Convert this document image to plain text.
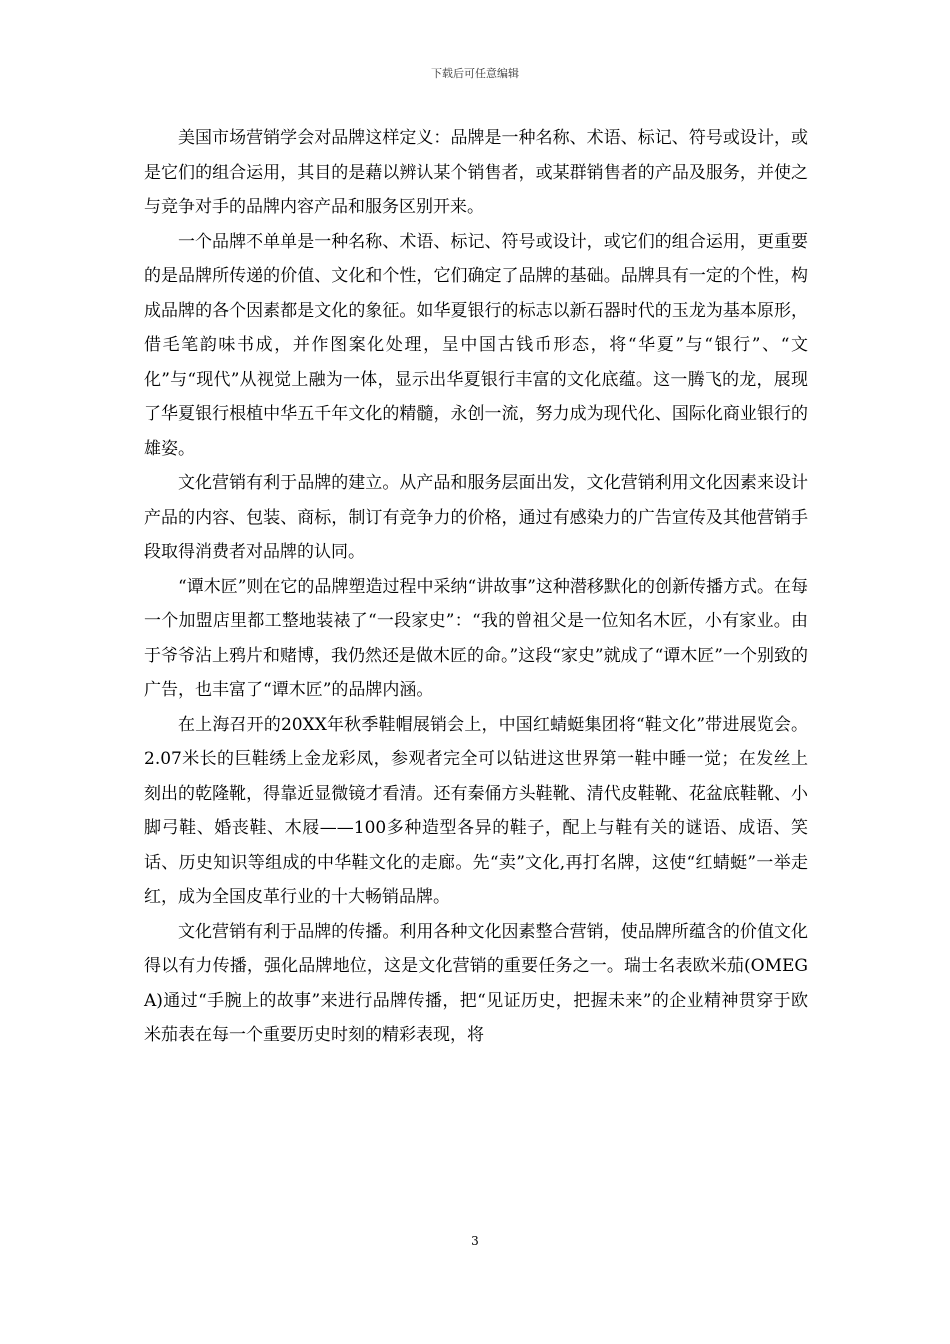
下载后可任意编辑

美国市场营销学会对品牌这样定义：品牌是一种名称、术语、标记、符号或设计，或是它们的组合运用，其目的是藉以辨认某个销售者，或某群销售者的产品及服务，并使之与竞争对手的品牌内容产品和服务区别开来。

一个品牌不单单是一种名称、术语、标记、符号或设计，或它们的组合运用，更重要的是品牌所传递的价值、文化和个性，它们确定了品牌的基础。品牌具有一定的个性，构成品牌的各个因素都是文化的象征。如华夏银行的标志以新石器时代的玉龙为基本原形，借毛笔韵味书成，并作图案化处理，呈中国古钱币形态，将“华夏”与“银行”、“文化”与“现代”从视觉上融为一体，显示出华夏银行丰富的文化底蕴。这一腾飞的龙，展现了华夏银行根植中华五千年文化的精髓，永创一流，努力成为现代化、国际化商业银行的雄姿。

文化营销有利于品牌的建立。从产品和服务层面出发，文化营销利用文化因素来设计产品的内容、包装、商标，制订有竞争力的价格，通过有感染力的广告宣传及其他营销手段取得消费者对品牌的认同。

“谭木匠”则在它的品牌塑造过程中采纳“讲故事”这种潜移默化的创新传播方式。在每一个加盟店里都工整地装裱了“一段家史”：“我的曾祖父是一位知名木匠，小有家业。由于爷爷沾上鸦片和赌博，我仍然还是做木匠的命。”这段“家史”就成了“谭木匠”一个别致的广告，也丰富了“谭木匠”的品牌内涵。

在上海召开的20XX年秋季鞋帽展销会上，中国红蜻蜓集团将“鞋文化”带进展览会。2.07米长的巨鞋绣上金龙彩凤，参观者完全可以钻进这世界第一鞋中睡一觉；在发丝上刻出的乾隆靴，得靠近显微镜才看清。还有秦俑方头鞋靴、清代皮鞋靴、花盆底鞋靴、小脚弓鞋、婚丧鞋、木屐——100多种造型各异的鞋子，配上与鞋有关的谜语、成语、笑话、历史知识等组成的中华鞋文化的走廊。先“卖”文化,再打名牌，这使“红蜻蜓”一举走红，成为全国皮革行业的十大畅销品牌。

文化营销有利于品牌的传播。利用各种文化因素整合营销，使品牌所蕴含的价值文化得以有力传播，强化品牌地位，这是文化营销的重要任务之一。瑞士名表欧米茄(OMEGA)通过“手腕上的故事”来进行品牌传播，把“见证历史，把握未来”的企业精神贯穿于欧米茄表在每一个重要历史时刻的精彩表现，将

3
